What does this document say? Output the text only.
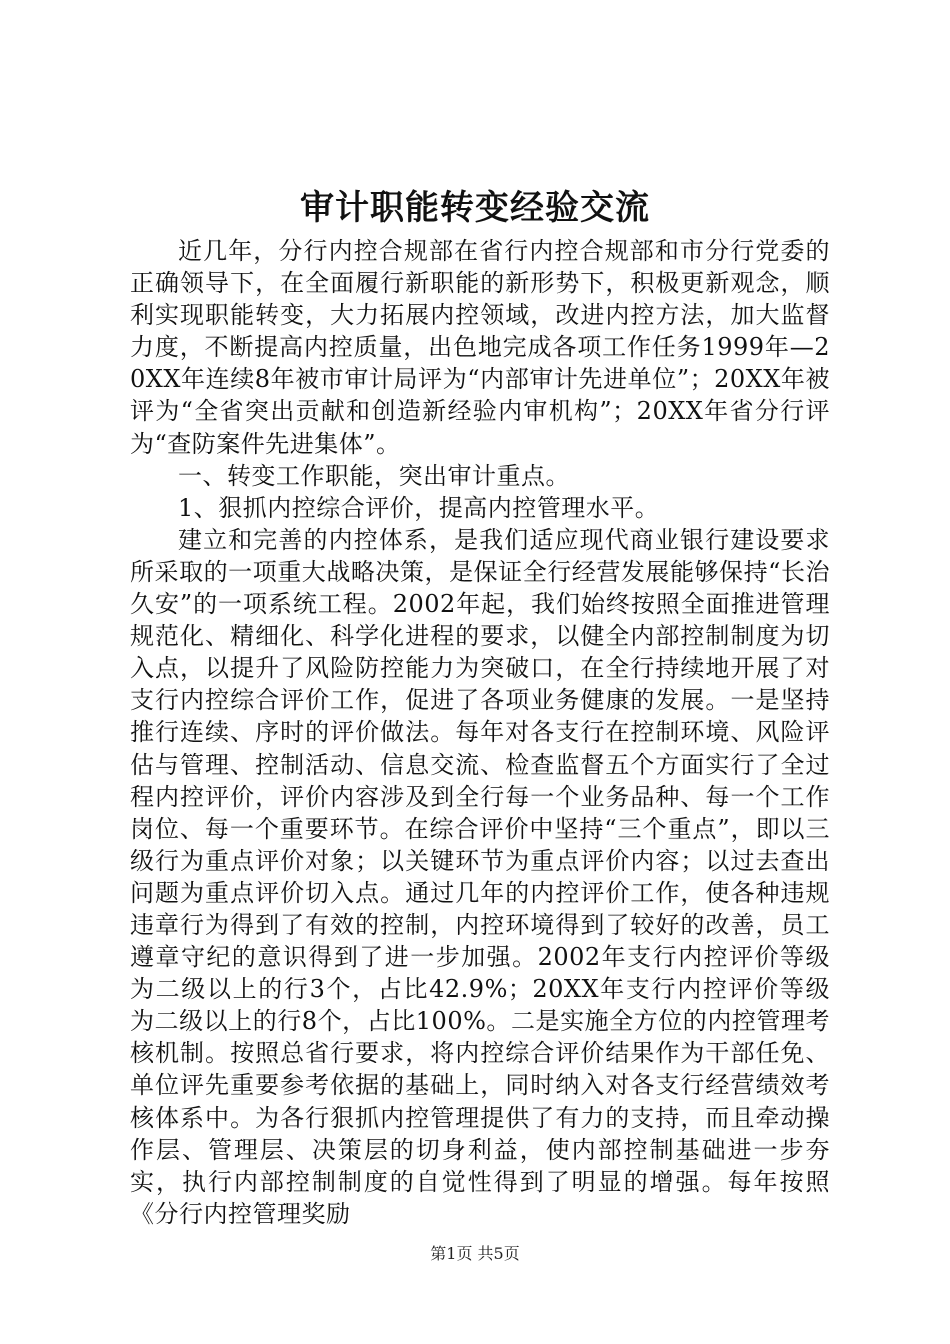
审计职能转变经验交流

近几年，分行内控合规部在省行内控合规部和市分行党委的正确领导下，在全面履行新职能的新形势下，积极更新观念，顺利实现职能转变，大力拓展内控领域，改进内控方法，加大监督力度，不断提高内控质量，出色地完成各项工作任务1999年—20XX年连续8年被市审计局评为“内部审计先进单位”；20XX年被评为“全省突出贡献和创造新经验内审机构”；20XX年省分行评为“查防案件先进集体”。

一、转变工作职能，突出审计重点。

1、狠抓内控综合评价，提高内控管理水平。

建立和完善的内控体系，是我们适应现代商业银行建设要求所采取的一项重大战略决策，是保证全行经营发展能够保持“长治久安”的一项系统工程。2002年起，我们始终按照全面推进管理规范化、精细化、科学化进程的要求，以健全内部控制制度为切入点，以提升了风险防控能力为突破口，在全行持续地开展了对支行内控综合评价工作，促进了各项业务健康的发展。一是坚持推行连续、序时的评价做法。每年对各支行在控制环境、风险评估与管理、控制活动、信息交流、检查监督五个方面实行了全过程内控评价，评价内容涉及到全行每一个业务品种、每一个工作岗位、每一个重要环节。在综合评价中坚持“三个重点”，即以三级行为重点评价对象；以关键环节为重点评价内容；以过去查出问题为重点评价切入点。通过几年的内控评价工作，使各种违规违章行为得到了有效的控制，内控环境得到了较好的改善，员工遵章守纪的意识得到了进一步加强。2002年支行内控评价等级为二级以上的行3个，占比42.9%；20XX年支行内控评价等级为二级以上的行8个，占比100%。二是实施全方位的内控管理考核机制。按照总省行要求，将内控综合评价结果作为干部任免、单位评先重要参考依据的基础上，同时纳入对各支行经营绩效考核体系中。为各行狠抓内控管理提供了有力的支持，而且牵动操作层、管理层、决策层的切身利益，使内部控制基础进一步夯实，执行内部控制制度的自觉性得到了明显的增强。每年按照《分行内控管理奖励

第1页 共5页
